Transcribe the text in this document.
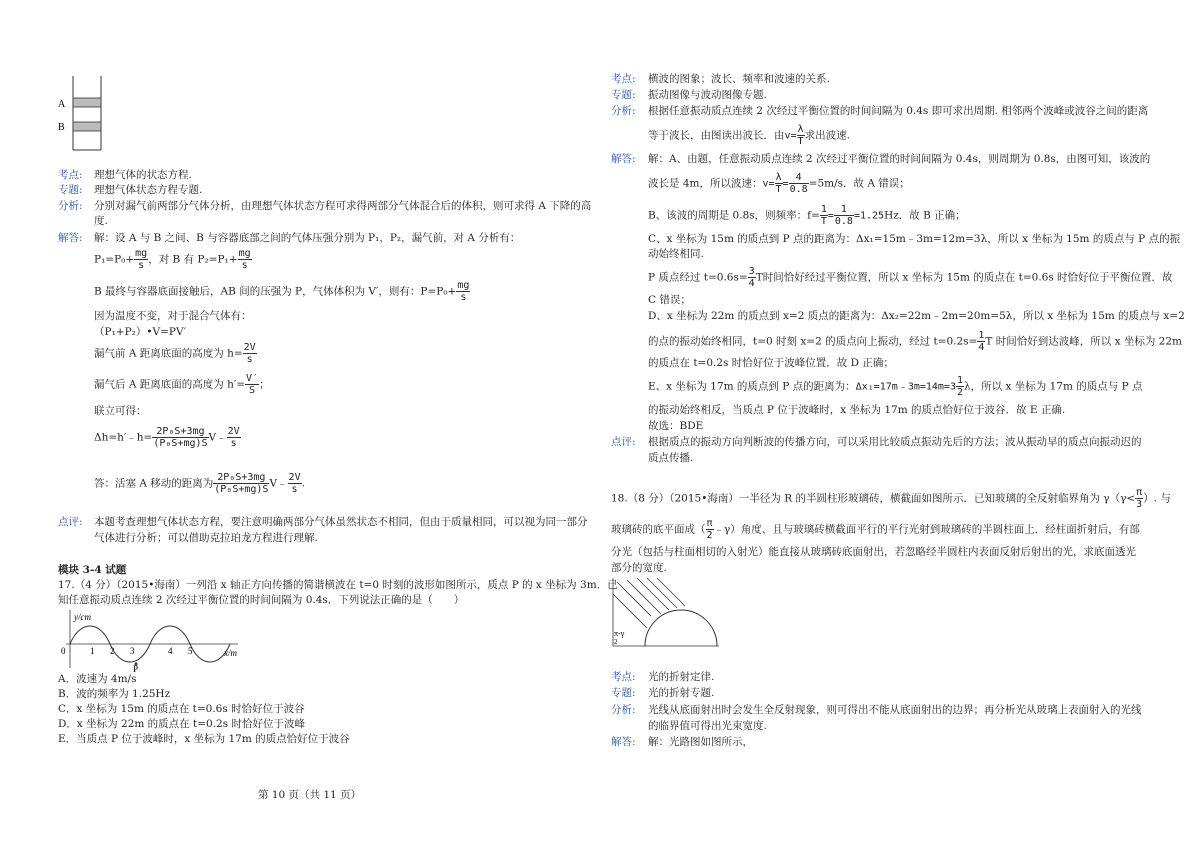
A
B
考点: 理想气体的状态方程.
专题: 理想气体状态方程专题.
分析: 分别对漏气前两部分气体分析，由理想气体状态方程可求得两部分气体混合后的体积，则可求得 A 下降的高
度.
解答: 解：设 A 与 B 之间、B 与容器底部之间的气体压强分别为 P₁，P₂，漏气前，对 A 分析有：
$P_1=P_0+ \frac{mg}{s}$ ，对 B 有 $P_2=P_1+ \frac{mg}{s}$
B 最终与容器底面接触后，AB 间的压强为 P，气体体积为 V′，则有：$P=P_0+ \frac{mg}{s}$
因为温度不变，对于混合气体有：
（P₁+P₂）•V=PV′
漏气前 A 距离底面的高度为 $h= \frac{2V}{s}$
漏气后 A 距离底面的高度为 $h'= \frac{V'}{S}$ ；
联立可得：
Δh=h′﹣h= $\frac{\text{2P₀S+3mg}}{\text{(P₀S+mg)S}}$ V﹣ $\frac{2V}{s}$
答：活塞 A 移动的距离为 $\frac{\text{2P₀S+3mg}}{\text{(P₀S+mg)S}}$ V﹣ $\frac{2V}{s}$ .
点评: 本题考查理想气体状态方程，要注意明确两部分气体虽然状态不相同，但由于质量相同，可以视为同一部分
气体进行分析；可以借助克拉珀龙方程进行理解.
模块 3-4 试题
17.（4 分）（2015•海南）一列沿 x 轴正方向传播的简谐横波在 t=0 时刻的波形如图所示，质点 P 的 x 坐标为 3m．已
知任意振动质点连续 2 次经过平衡位置的时间间隔为 0.4s．下列说法正确的是（　　）
y/cm
x/m
0	1 2 3	4 5
P
A．波速为 4m/s
B．波的频率为 1.25Hz
C．x 坐标为 15m 的质点在 t=0.6s 时恰好位于波谷
D．x 坐标为 22m 的质点在 t=0.2s 时恰好位于波峰
E．当质点 P 位于波峰时，x 坐标为 17m 的质点恰好位于波谷
第 10 页（共 11 页）
考点: 横波的图象；波长、频率和波速的关系.
专题: 振动图像与波动图像专题.
分析: 根据任意振动质点连续 2 次经过平衡位置的时间间隔为 0.4s 即可求出周期. 相邻两个波峰或波谷之间的距离
等于波长，由图读出波长．由$v= \frac{\lambda}{T}$ 求出波速.
解答: 解：A、由题，任意振动质点连续 2 次经过平衡位置的时间间隔为 0.4s，则周期为 0.8s，由图可知，该波的
波长是 4m，所以波速：$v= \frac{\lambda}{T} = \frac{4}{0.8} =5m/s$．故 A 错误；
B、该波的周期是 0.8s，则频率：$f= \frac{1}{T} = \frac{1}{0.8} =1.25Hz$．故 B 正确；
C、x 坐标为 15m 的质点到 P 点的距离为：Δx₁=15m﹣3m=12m=3λ，所以 x 坐标为 15m 的质点与 P 点的振
动始终相同.
P 质点经过 $t=0.6s= \frac{3}{4}$ T时间恰好经过平衡位置，所以 x 坐标为 15m 的质点在 t=0.6s 时恰好位于平衡位置．故
C 错误；
D、x 坐标为 22m 的质点到 x=2 质点的距离为：Δx₂=22m﹣2m=20m=5λ，所以 x 坐标为 15m 的质点与 x=2
的点的振动始终相同，t=0 时刻 x=2 的质点向上振动，经过 $t=0.2s= \frac{1}{4}$ T 时间恰好到达波峰，所以 x 坐标为 22m
的质点在 t=0.2s 时恰好位于波峰位置．故 D 正确；
E、x 坐标为 17m 的质点到 P 点的距离为：Δx₁=17m﹣3m=14m=3 $\frac{1}{2}$ λ，所以 x 坐标为 17m 的质点与 P 点
的振动始终相反，当质点 P 位于波峰时，x 坐标为 17m 的质点恰好位于波谷．故 E 正确.
故选：BDE
点评: 根据质点的振动方向判断波的传播方向，可以采用比较质点振动先后的方法；波从振动早的质点向振动迟的
质点传播.
18.（8 分）（2015•海南）一半径为 R 的半圆柱形玻璃砖，横截面如图所示．已知玻璃的全反射临界角为 $\gamma(\gamma< \frac{\pi}{3}$ ）. 与
玻璃砖的底平面成（ $\frac{\pi}{2}$ ﹣γ）角度、且与玻璃砖横截面平行的平行光射到玻璃砖的半圆柱面上．经柱面折射后，有部
分光（包括与柱面相切的入射光）能直接从玻璃砖底面射出，若忽略经半圆柱内表面反射后射出的光，求底面透光
部分的宽度.
π-γ
2
考点: 光的折射定律.
专题: 光的折射专题.
分析: 光线从底面射出时会发生全反射现象，则可得出不能从底面射出的边界；再分析光从玻璃上表面射入的光线
的临界值可得出光束宽度.
解答: 解：光路图如图所示，
